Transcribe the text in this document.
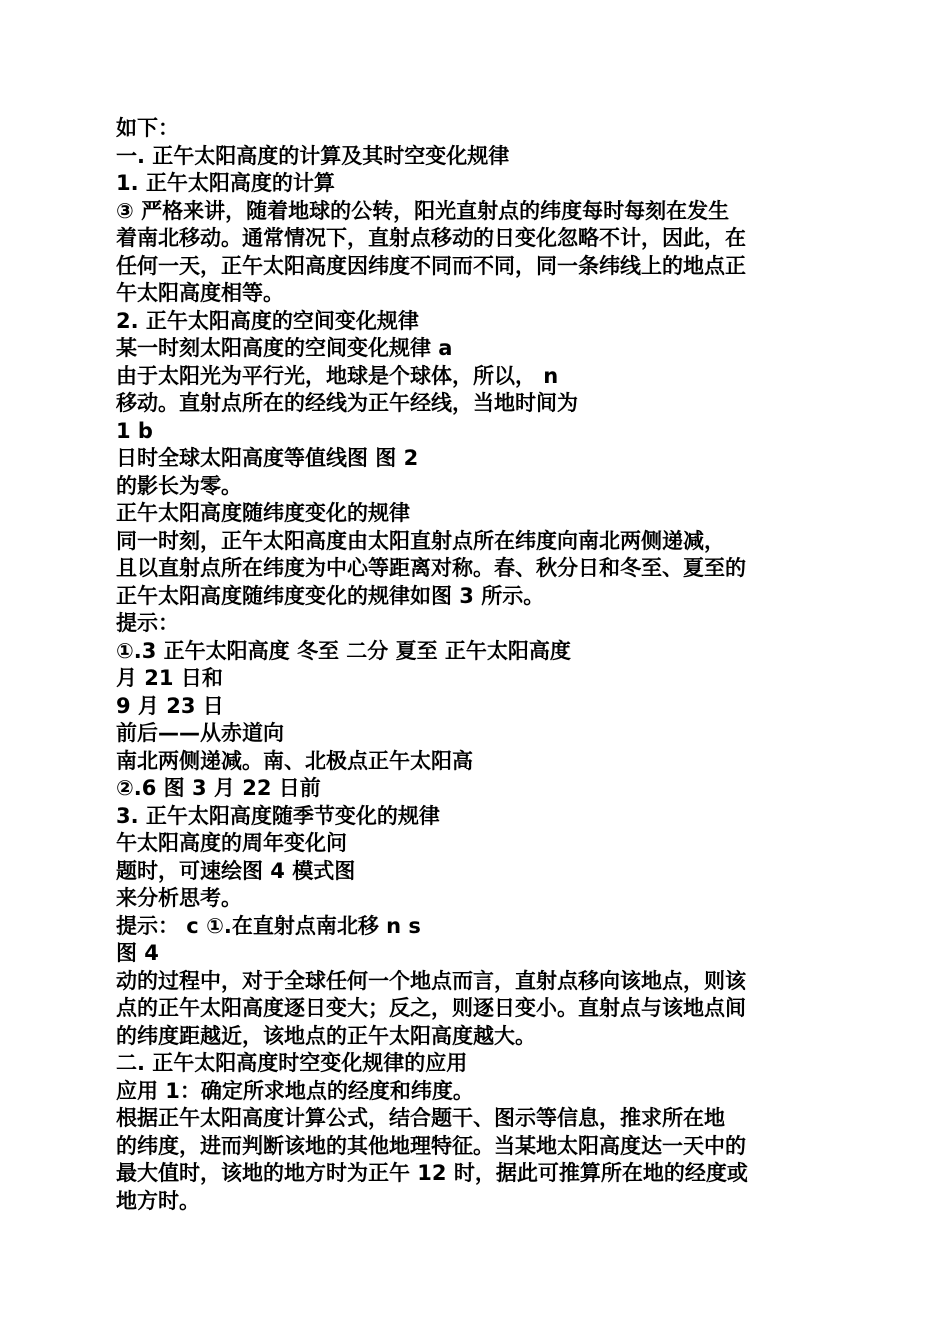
如下：
一. 正午太阳高度的计算及其时空变化规律
1. 正午太阳高度的计算
③ 严格来讲，随着地球的公转，阳光直射点的纬度每时每刻在发生
着南北移动。通常情况下，直射点移动的日变化忽略不计，因此，在
任何一天，正午太阳高度因纬度不同而不同，同一条纬线上的地点正
午太阳高度相等。
2. 正午太阳高度的空间变化规律
某一时刻太阳高度的空间变化规律 a
由于太阳光为平行光，地球是个球体，所以， n
移动。直射点所在的经线为正午经线，当地时间为
1 b
日时全球太阳高度等值线图 图 2
的影长为零。
正午太阳高度随纬度变化的规律
同一时刻，正午太阳高度由太阳直射点所在纬度向南北两侧递减，
且以直射点所在纬度为中心等距离对称。春、秋分日和冬至、夏至的
正午太阳高度随纬度变化的规律如图 3 所示。
提示：
①.3 正午太阳高度 冬至 二分 夏至 正午太阳高度
月 21 日和
9 月 23 日
前后——从赤道向
南北两侧递减。南、北极点正午太阳高
②.6 图 3 月 22 日前
3. 正午太阳高度随季节变化的规律
午太阳高度的周年变化问
题时，可速绘图 4 模式图
来分析思考。
提示： c ①.在直射点南北移 n s
图 4
动的过程中，对于全球任何一个地点而言，直射点移向该地点，则该
点的正午太阳高度逐日变大；反之，则逐日变小。直射点与该地点间
的纬度距越近，该地点的正午太阳高度越大。
二. 正午太阳高度时空变化规律的应用
应用 1：确定所求地点的经度和纬度。
根据正午太阳高度计算公式，结合题干、图示等信息，推求所在地
的纬度，进而判断该地的其他地理特征。当某地太阳高度达一天中的
最大值时，该地的地方时为正午 12 时，据此可推算所在地的经度或
地方时。
